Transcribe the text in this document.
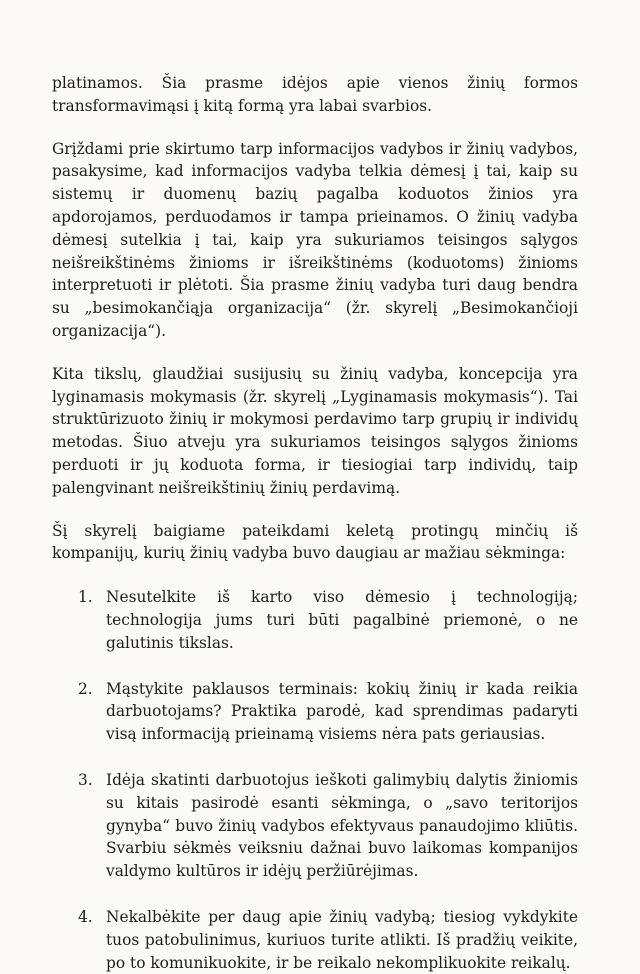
platinamos. Šia prasme idėjos apie vienos žinių formos transformavimąsi į kitą formą yra labai svarbios.

Grįždami prie skirtumo tarp informacijos vadybos ir žinių vadybos, pasakysime, kad informacijos vadyba telkia dėmesį į tai, kaip su sistemų ir duomenų bazių pagalba koduotos žinios yra apdorojamos, perduodamos ir tampa prieinamos. O žinių vadyba dėmesį sutelkia į tai, kaip yra sukuriamos teisingos sąlygos neišreikštinėms žinioms ir išreikštinėms (koduotoms) žinioms interpretuoti ir plėtoti. Šia prasme žinių vadyba turi daug bendra su „besimokančiąja organizacija“ (žr. skyrelį „Besimokančioji organizacija“).

Kita tikslų, glaudžiai susijusių su žinių vadyba, koncepcija yra lyginamasis mokymasis (žr. skyrelį „Lyginamasis mokymasis“). Tai struktūrizuoto žinių ir mokymosi perdavimo tarp grupių ir individų metodas. Šiuo atveju yra sukuriamos teisingos sąlygos žinioms perduoti ir jų koduota forma, ir tiesiogiai tarp individų, taip palengvinant neišreikštinių žinių perdavimą.

Šį skyrelį baigiame pateikdami keletą protingų minčių iš kompanijų, kurių žinių vadyba buvo daugiau ar mažiau sėkminga:

1. Nesutelkite iš karto viso dėmesio į technologiją; technologija jums turi būti pagalbinė priemonė, o ne galutinis tikslas.
2. Mąstykite paklausos terminais: kokių žinių ir kada reikia darbuotojams? Praktika parodė, kad sprendimas padaryti visą informaciją prieinamą visiems nėra pats geriausias.
3. Idėja skatinti darbuotojus ieškoti galimybių dalytis žiniomis su kitais pasirodė esanti sėkminga, o „savo teritorijos gynyba“ buvo žinių vadybos efektyvaus panaudojimo kliūtis. Svarbiu sėkmės veiksniu dažnai buvo laikomas kompanijos valdymo kultūros ir idėjų peržiūrėjimas.
4. Nekalbėkite per daug apie žinių vadybą; tiesiog vykdykite tuos patobulinimus, kuriuos turite atlikti. Iš pradžių veikite, po to komunikuokite, ir be reikalo nekomplikuokite reikalų.
